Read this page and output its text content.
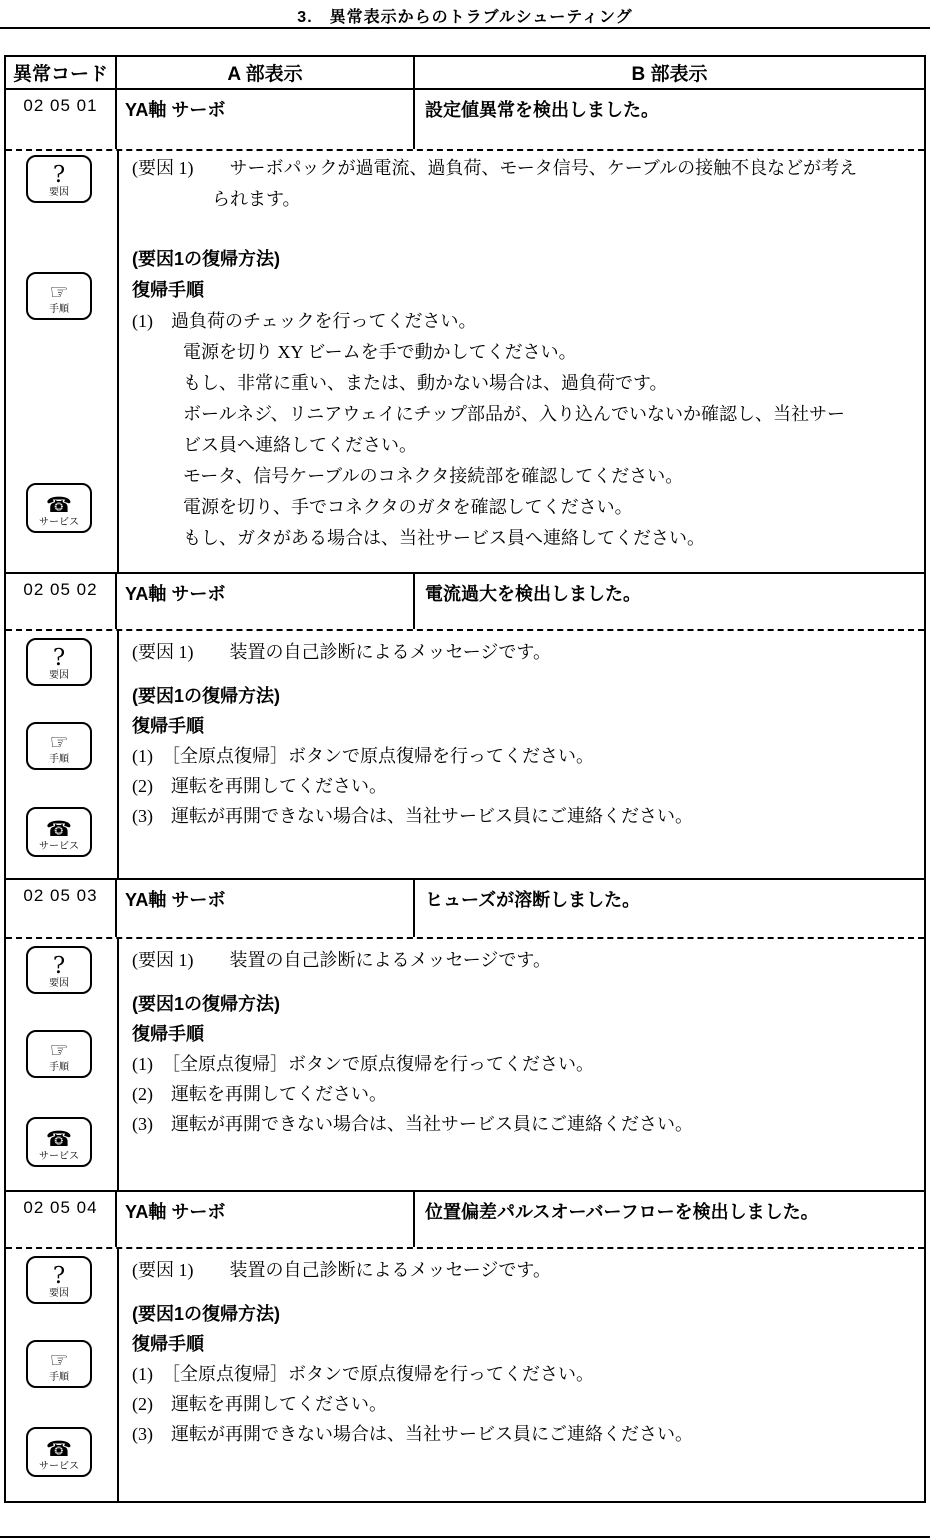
3.　異常表示からのトラブルシューティング
異常コード	A 部表示	B 部表示
02 05 01	YA軸 サーボ	設定値異常を検出しました。
?
要因
☞
手順
☎
サービス
(要因 1)　　サーボパックが過電流、過負荷、モータ信号、ケーブルの接触不良などが考え
られます。
(要因1の復帰方法)
復帰手順
(1)　過負荷のチェックを行ってください。
電源を切り XY ビームを手で動かしてください。
もし、非常に重い、または、動かない場合は、過負荷です。
ボールネジ、リニアウェイにチップ部品が、入り込んでいないか確認し、当社サー
ビス員へ連絡してください。
モータ、信号ケーブルのコネクタ接続部を確認してください。
電源を切り、手でコネクタのガタを確認してください。
もし、ガタがある場合は、当社サービス員へ連絡してください。
02 05 02	YA軸 サーボ	電流過大を検出しました。
?
要因
☞
手順
☎
サービス
(要因 1)　　装置の自己診断によるメッセージです。
(要因1の復帰方法)
復帰手順
(1)　［全原点復帰］ボタンで原点復帰を行ってください。
(2)　運転を再開してください。
(3)　運転が再開できない場合は、当社サービス員にご連絡ください。
02 05 03	YA軸 サーボ	ヒューズが溶断しました。
?
要因
☞
手順
☎
サービス
(要因 1)　　装置の自己診断によるメッセージです。
(要因1の復帰方法)
復帰手順
(1)　［全原点復帰］ボタンで原点復帰を行ってください。
(2)　運転を再開してください。
(3)　運転が再開できない場合は、当社サービス員にご連絡ください。
02 05 04	YA軸 サーボ	位置偏差パルスオーバーフローを検出しました。
?
要因
☞
手順
☎
サービス
(要因 1)　　装置の自己診断によるメッセージです。
(要因1の復帰方法)
復帰手順
(1)　［全原点復帰］ボタンで原点復帰を行ってください。
(2)　運転を再開してください。
(3)　運転が再開できない場合は、当社サービス員にご連絡ください。
